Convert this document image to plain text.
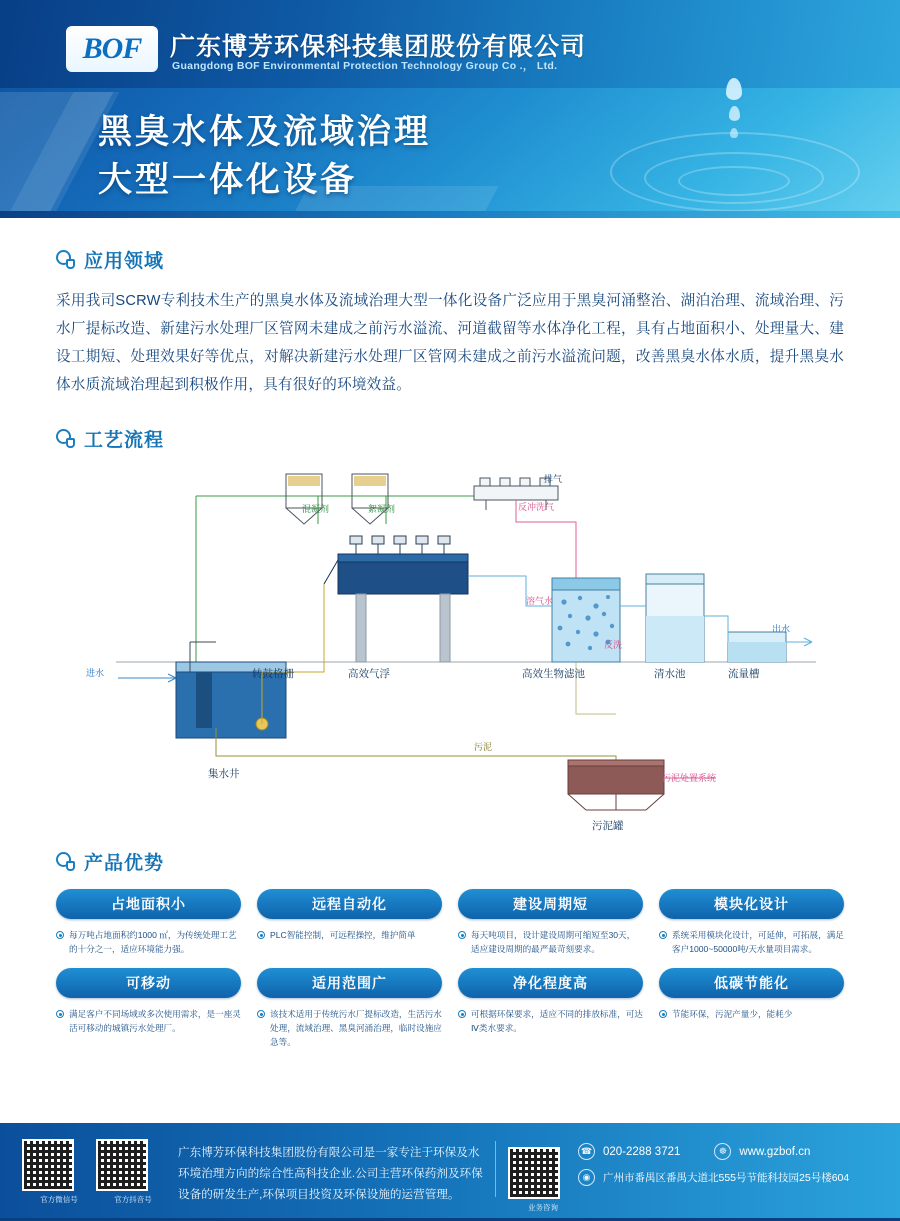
BOF 广东博芳环保科技集团股份有限公司
Guangdong BOF Environmental Protection Technology Group Co .， Ltd.
黑臭水体及流域治理
大型一体化设备
应用领域
采用我司SCRW专利技术生产的黑臭水体及流域治理大型一体化设备广泛应用于黑臭河涌整治、湖泊治理、流域治理、污水厂提标改造、新建污水处理厂区管网未建成之前污水溢流、河道截留等水体净化工程，具有占地面积小、处理量大、建设工期短、处理效果好等优点，对解决新建污水处理厂区管网未建成之前污水溢流问题，改善黑臭水体水质，提升黑臭水体水质流域治理起到积极作用，具有很好的环境效益。
工艺流程
混凝剂	絮凝剂	反冲洗气
溶气水
反洗
出水
进水
污泥
污泥处置系统
排气
转鼓格栅	高效气浮	高效生物滤池	清水池	流量槽
集水井
污泥罐
产品优势
占地面积小
每万吨占地面积约1000 ㎡，为传统处理工艺的十分之一，适应环境能力强。
远程自动化
PLC智能控制，可远程操控，维护简单
建设周期短
每天吨项目，设计建设周期可缩短至30天，适应建设周期的最严最苛刻要求。
模块化设计
系统采用模块化设计，可延伸，可拓展，满足客户1000~50000吨/天水量项目需求。
可移动
满足客户不同场域或多次使用需求，是一座灵活可移动的城镇污水处理厂。
适用范围广
该技术适用于传统污水厂提标改造，生活污水处理，流域治理、黑臭河涌治理，临时设施应急等。
净化程度高
可根据环保要求，适应不同的排放标准，可达Ⅳ类水要求。
低碳节能化
节能环保，污泥产量少，能耗少
官方微信号	官方抖音号
广东博芳环保科技集团股份有限公司是一家专注于环保及水环境治理方向的综合性高科技企业.公司主营环保药剂及环保设备的研发生产,环保项目投资及环保设施的运营管理。
业务咨询
☎ 020-2288 3721	☸	www.gzbof.cn
◉	广州市番禺区番禺大道北555号节能科技园25号楼604
